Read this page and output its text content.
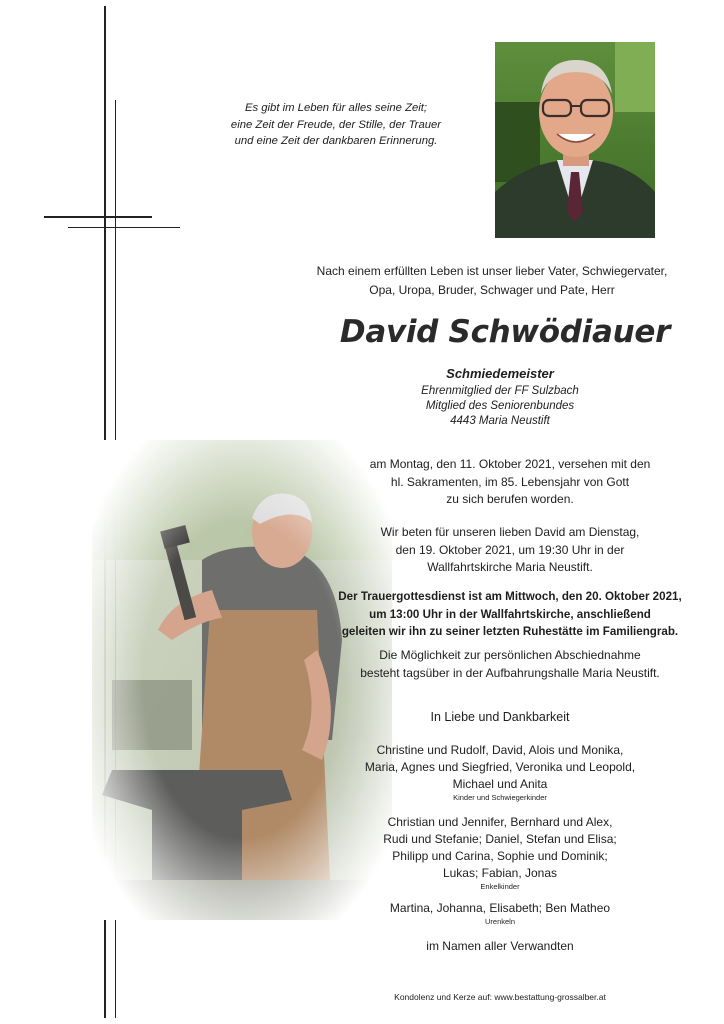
Es gibt im Leben für alles seine Zeit;
eine Zeit der Freude, der Stille, der Trauer
und eine Zeit der dankbaren Erinnerung.
Nach einem erfüllten Leben ist unser lieber Vater, Schwiegervater,
Opa, Uropa, Bruder, Schwager und Pate, Herr
David Schwödiauer
Schmiedemeister
Ehrenmitglied der FF Sulzbach
Mitglied des Seniorenbundes
4443 Maria Neustift
am Montag, den 11. Oktober 2021, versehen mit den
hl. Sakramenten, im 85. Lebensjahr von Gott
zu sich berufen worden.
Wir beten für unseren lieben David am Dienstag,
den 19. Oktober 2021, um 19:30 Uhr in der
Wallfahrtskirche Maria Neustift.
Der Trauergottesdienst ist am Mittwoch, den 20. Oktober 2021,
um 13:00 Uhr in der Wallfahrtskirche, anschließend
geleiten wir ihn zu seiner letzten Ruhestätte im Familiengrab.
Die Möglichkeit zur persönlichen Abschiednahme
besteht tagsüber in der Aufbahrungshalle Maria Neustift.
In Liebe und Dankbarkeit
Christine und Rudolf, David, Alois und Monika,
Maria, Agnes und Siegfried, Veronika und Leopold,
Michael und Anita
Kinder und Schwiegerkinder
Christian und Jennifer, Bernhard und Alex,
Rudi und Stefanie; Daniel, Stefan und Elisa;
Philipp und Carina, Sophie und Dominik;
Lukas; Fabian, Jonas
Enkelkinder
Martina, Johanna, Elisabeth; Ben Matheo
Urenkeln
im Namen aller Verwandten
Kondolenz und Kerze auf: www.bestattung-grossalber.at
